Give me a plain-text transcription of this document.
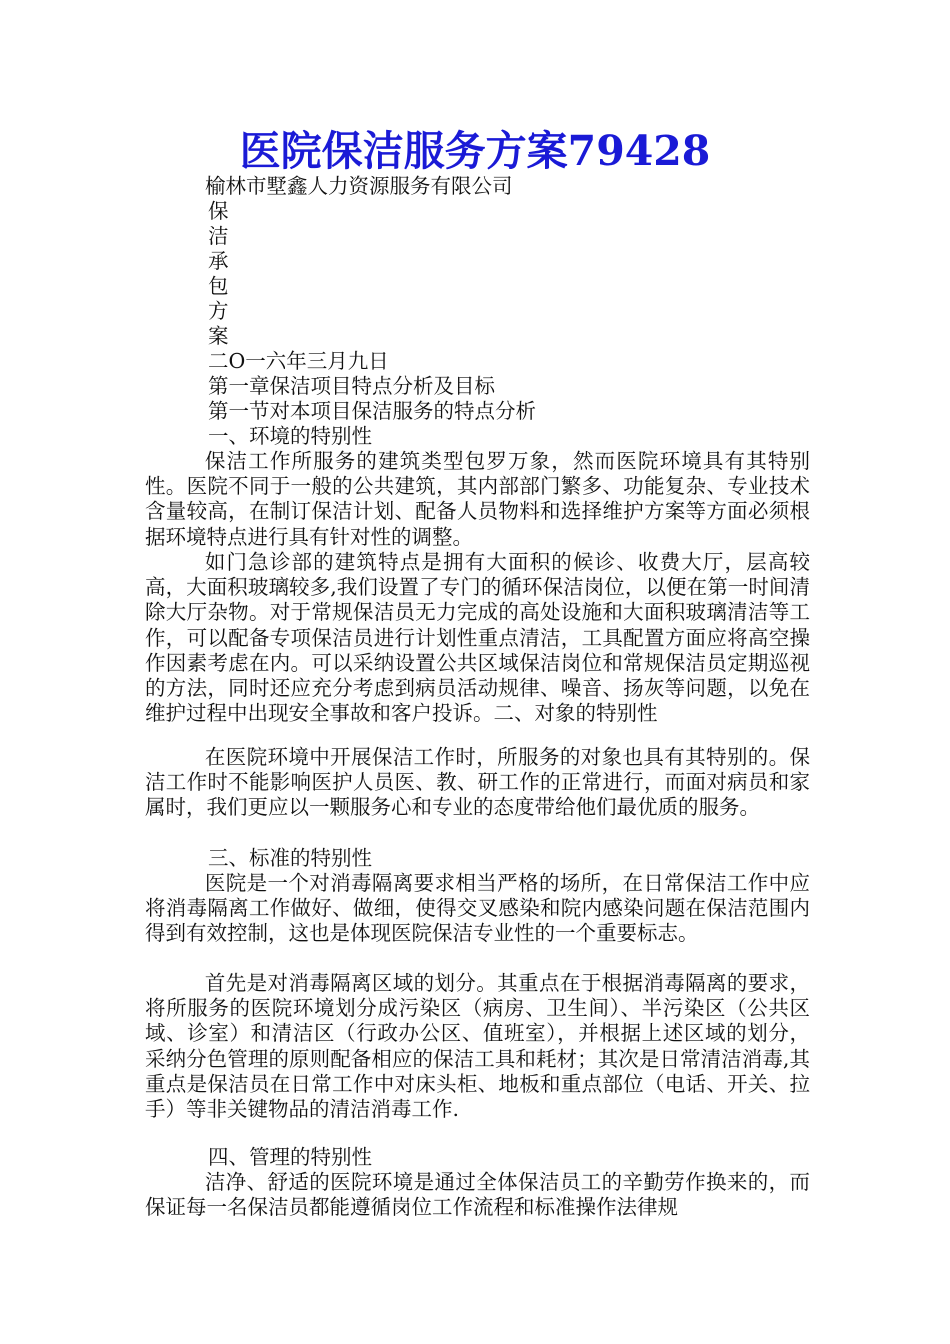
医院保洁服务方案79428
榆林市墅鑫人力资源服务有限公司
保
洁
承
包
方
案
二O一六年三月九日
第一章保洁项目特点分析及目标
第一节对本项目保洁服务的特点分析
一、环境的特别性

保洁工作所服务的建筑类型包罗万象，然而医院环境具有其特别性。医院不同于一般的公共建筑，其内部部门繁多、功能复杂、专业技术含量较高，在制订保洁计划、配备人员物料和选择维护方案等方面必须根据环境特点进行具有针对性的调整。

如门急诊部的建筑特点是拥有大面积的候诊、收费大厅，层高较高，大面积玻璃较多,我们设置了专门的循环保洁岗位，以便在第一时间清除大厅杂物。对于常规保洁员无力完成的高处设施和大面积玻璃清洁等工作，可以配备专项保洁员进行计划性重点清洁，工具配置方面应将高空操作因素考虑在内。可以采纳设置公共区域保洁岗位和常规保洁员定期巡视的方法，同时还应充分考虑到病员活动规律、噪音、扬灰等问题，以免在维护过程中出现安全事故和客户投诉。二、对象的特别性

在医院环境中开展保洁工作时，所服务的对象也具有其特别的。保洁工作时不能影响医护人员医、教、研工作的正常进行，而面对病员和家属时，我们更应以一颗服务心和专业的态度带给他们最优质的服务。

三、标准的特别性

医院是一个对消毒隔离要求相当严格的场所，在日常保洁工作中应将消毒隔离工作做好、做细，使得交叉感染和院内感染问题在保洁范围内得到有效控制，这也是体现医院保洁专业性的一个重要标志。

首先是对消毒隔离区域的划分。其重点在于根据消毒隔离的要求，将所服务的医院环境划分成污染区（病房、卫生间）、半污染区（公共区域、诊室）和清洁区（行政办公区、值班室），并根据上述区域的划分，采纳分色管理的原则配备相应的保洁工具和耗材；其次是日常清洁消毒,其重点是保洁员在日常工作中对床头柜、地板和重点部位（电话、开关、拉手）等非关键物品的清洁消毒工作.

四、管理的特别性

洁净、舒适的医院环境是通过全体保洁员工的辛勤劳作换来的，而保证每一名保洁员都能遵循岗位工作流程和标准操作法律规
